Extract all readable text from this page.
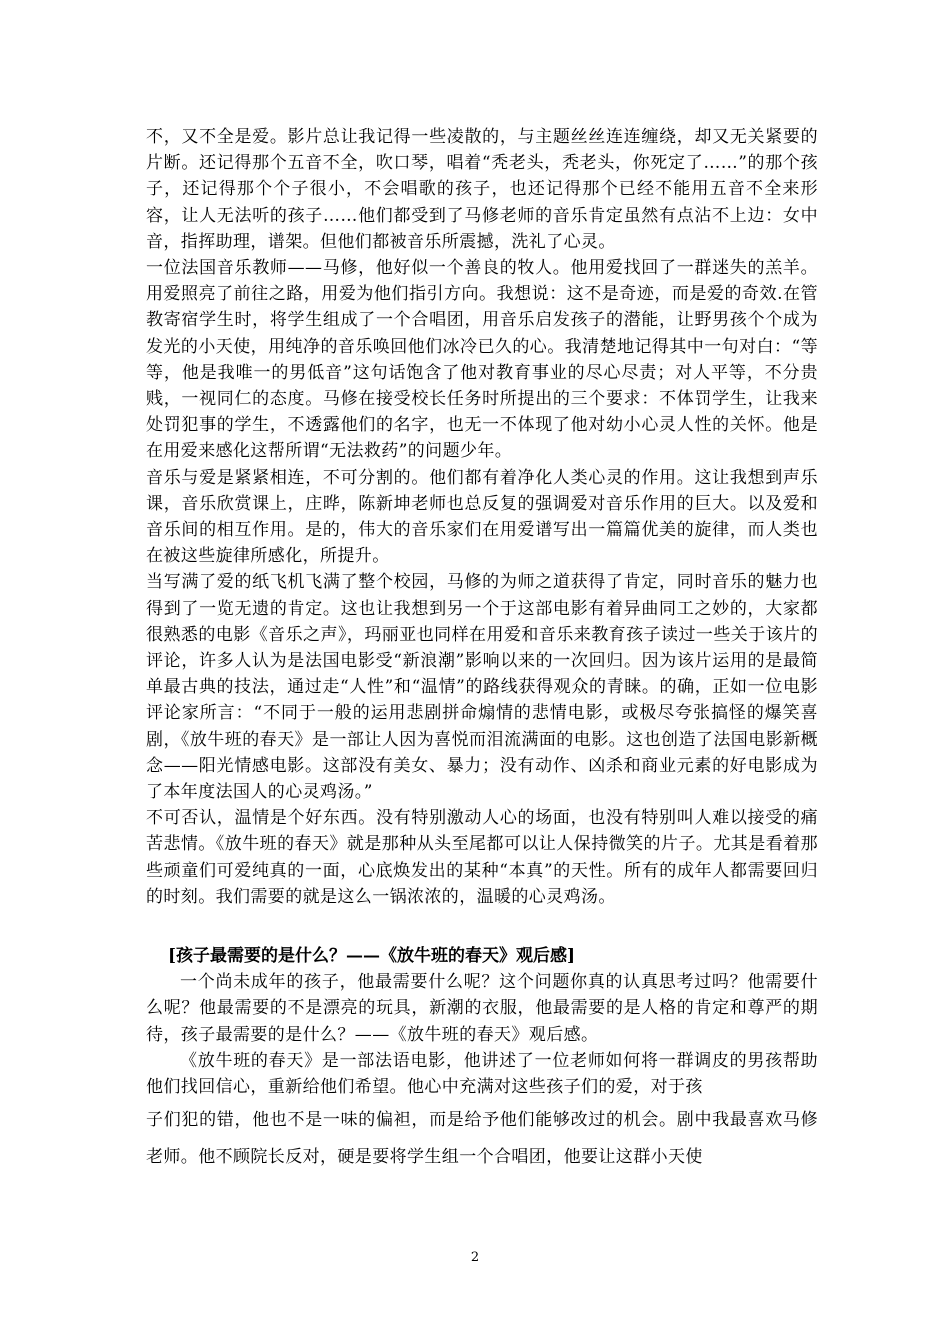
不，又不全是爱。影片总让我记得一些凌散的，与主题丝丝连连缠绕，却又无关紧要的片断。还记得那个五音不全，吹口琴，唱着“秃老头，秃老头，你死定了……”的那个孩子，还记得那个个子很小，不会唱歌的孩子，也还记得那个已经不能用五音不全来形容，让人无法听的孩子……他们都受到了马修老师的音乐肯定虽然有点沾不上边：女中音，指挥助理，谱架。但他们都被音乐所震撼，洗礼了心灵。

一位法国音乐教师——马修，他好似一个善良的牧人。他用爱找回了一群迷失的羔羊。用爱照亮了前往之路，用爱为他们指引方向。我想说：这不是奇迹，而是爱的奇效.在管教寄宿学生时，将学生组成了一个合唱团，用音乐启发孩子的潜能，让野男孩个个成为发光的小天使，用纯净的音乐唤回他们冰冷已久的心。我清楚地记得其中一句对白：“等等，他是我唯一的男低音”这句话饱含了他对教育事业的尽心尽责；对人平等，不分贵贱，一视同仁的态度。马修在接受校长任务时所提出的三个要求：不体罚学生，让我来处罚犯事的学生，不透露他们的名字，也无一不体现了他对幼小心灵人性的关怀。他是在用爱来感化这帮所谓“无法救药”的问题少年。

音乐与爱是紧紧相连，不可分割的。他们都有着净化人类心灵的作用。这让我想到声乐课，音乐欣赏课上，庄晔，陈新坤老师也总反复的强调爱对音乐作用的巨大。以及爱和音乐间的相互作用。是的，伟大的音乐家们在用爱谱写出一篇篇优美的旋律，而人类也在被这些旋律所感化，所提升。

当写满了爱的纸飞机飞满了整个校园，马修的为师之道获得了肯定，同时音乐的魅力也得到了一览无遗的肯定。这也让我想到另一个于这部电影有着异曲同工之妙的，大家都很熟悉的电影《音乐之声》，玛丽亚也同样在用爱和音乐来教育孩子读过一些关于该片的评论，许多人认为是法国电影受“新浪潮”影响以来的一次回归。因为该片运用的是最简单最古典的技法，通过走“人性”和“温情”的路线获得观众的青睐。的确，正如一位电影评论家所言：“不同于一般的运用悲剧拼命煽情的悲情电影，或极尽夸张搞怪的爆笑喜剧，《放牛班的春天》是一部让人因为喜悦而泪流满面的电影。这也创造了法国电影新概念——阳光情感电影。这部没有美女、暴力；没有动作、凶杀和商业元素的好电影成为了本年度法国人的心灵鸡汤。”

不可否认，温情是个好东西。没有特别激动人心的场面，也没有特别叫人难以接受的痛苦悲情。《放牛班的春天》就是那种从头至尾都可以让人保持微笑的片子。尤其是看着那些顽童们可爱纯真的一面，心底焕发出的某种“本真”的天性。所有的成年人都需要回归的时刻。我们需要的就是这么一锅浓浓的，温暖的心灵鸡汤。

[孩子最需要的是什么？——《放牛班的春天》观后感]

一个尚未成年的孩子，他最需要什么呢？这个问题你真的认真思考过吗？他需要什么呢？他最需要的不是漂亮的玩具，新潮的衣服，他最需要的是人格的肯定和尊严的期待，孩子最需要的是什么？——《放牛班的春天》观后感。

《放牛班的春天》是一部法语电影，他讲述了一位老师如何将一群调皮的男孩帮助他们找回信心，重新给他们希望。他心中充满对这些孩子们的爱，对于孩

子们犯的错，他也不是一味的偏袒，而是给予他们能够改过的机会。剧中我最喜欢马修老师。他不顾院长反对，硬是要将学生组一个合唱团，他要让这群小天使

2
